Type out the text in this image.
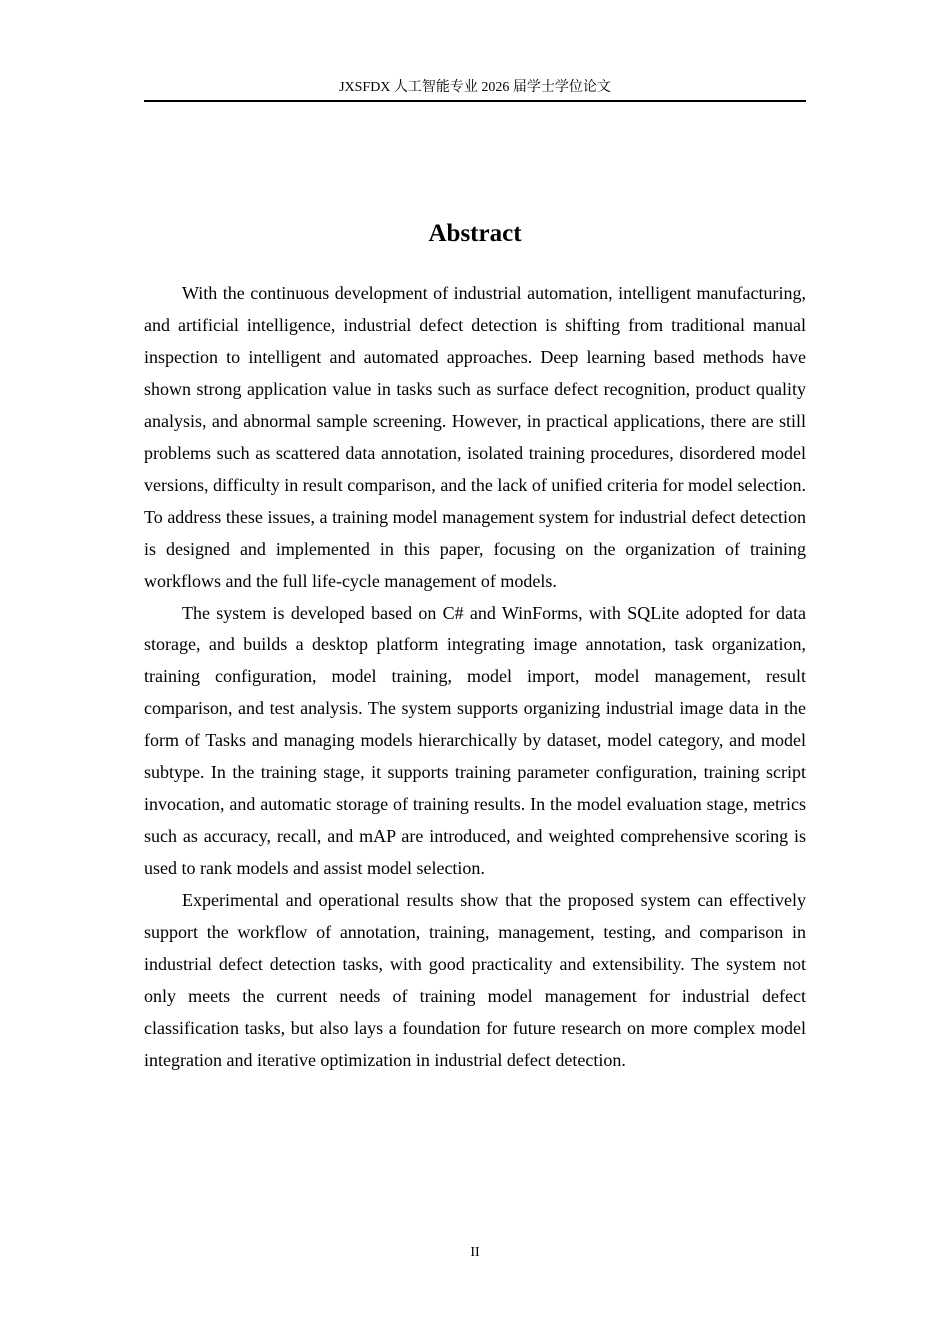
JXSFDX 人工智能专业 2026 届学士学位论文
Abstract

With the continuous development of industrial automation, intelligent manufacturing, and artificial intelligence, industrial defect detection is shifting from traditional manual inspection to intelligent and automated approaches. Deep learning based methods have shown strong application value in tasks such as surface defect recognition, product quality analysis, and abnormal sample screening. However, in practical applications, there are still problems such as scattered data annotation, isolated training procedures, disordered model versions, difficulty in result comparison, and the lack of unified criteria for model selection. To address these issues, a training model management system for industrial defect detection is designed and implemented in this paper, focusing on the organization of training workflows and the full life-cycle management of models.

The system is developed based on C# and WinForms, with SQLite adopted for data storage, and builds a desktop platform integrating image annotation, task organization, training configuration, model training, model import, model management, result comparison, and test analysis. The system supports organizing industrial image data in the form of Tasks and managing models hierarchically by dataset, model category, and model subtype. In the training stage, it supports training parameter configuration, training script invocation, and automatic storage of training results. In the model evaluation stage, metrics such as accuracy, recall, and mAP are introduced, and weighted comprehensive scoring is used to rank models and assist model selection.

Experimental and operational results show that the proposed system can effectively support the workflow of annotation, training, management, testing, and comparison in industrial defect detection tasks, with good practicality and extensibility. The system not only meets the current needs of training model management for industrial defect classification tasks, but also lays a foundation for future research on more complex model integration and iterative optimization in industrial defect detection.

II
